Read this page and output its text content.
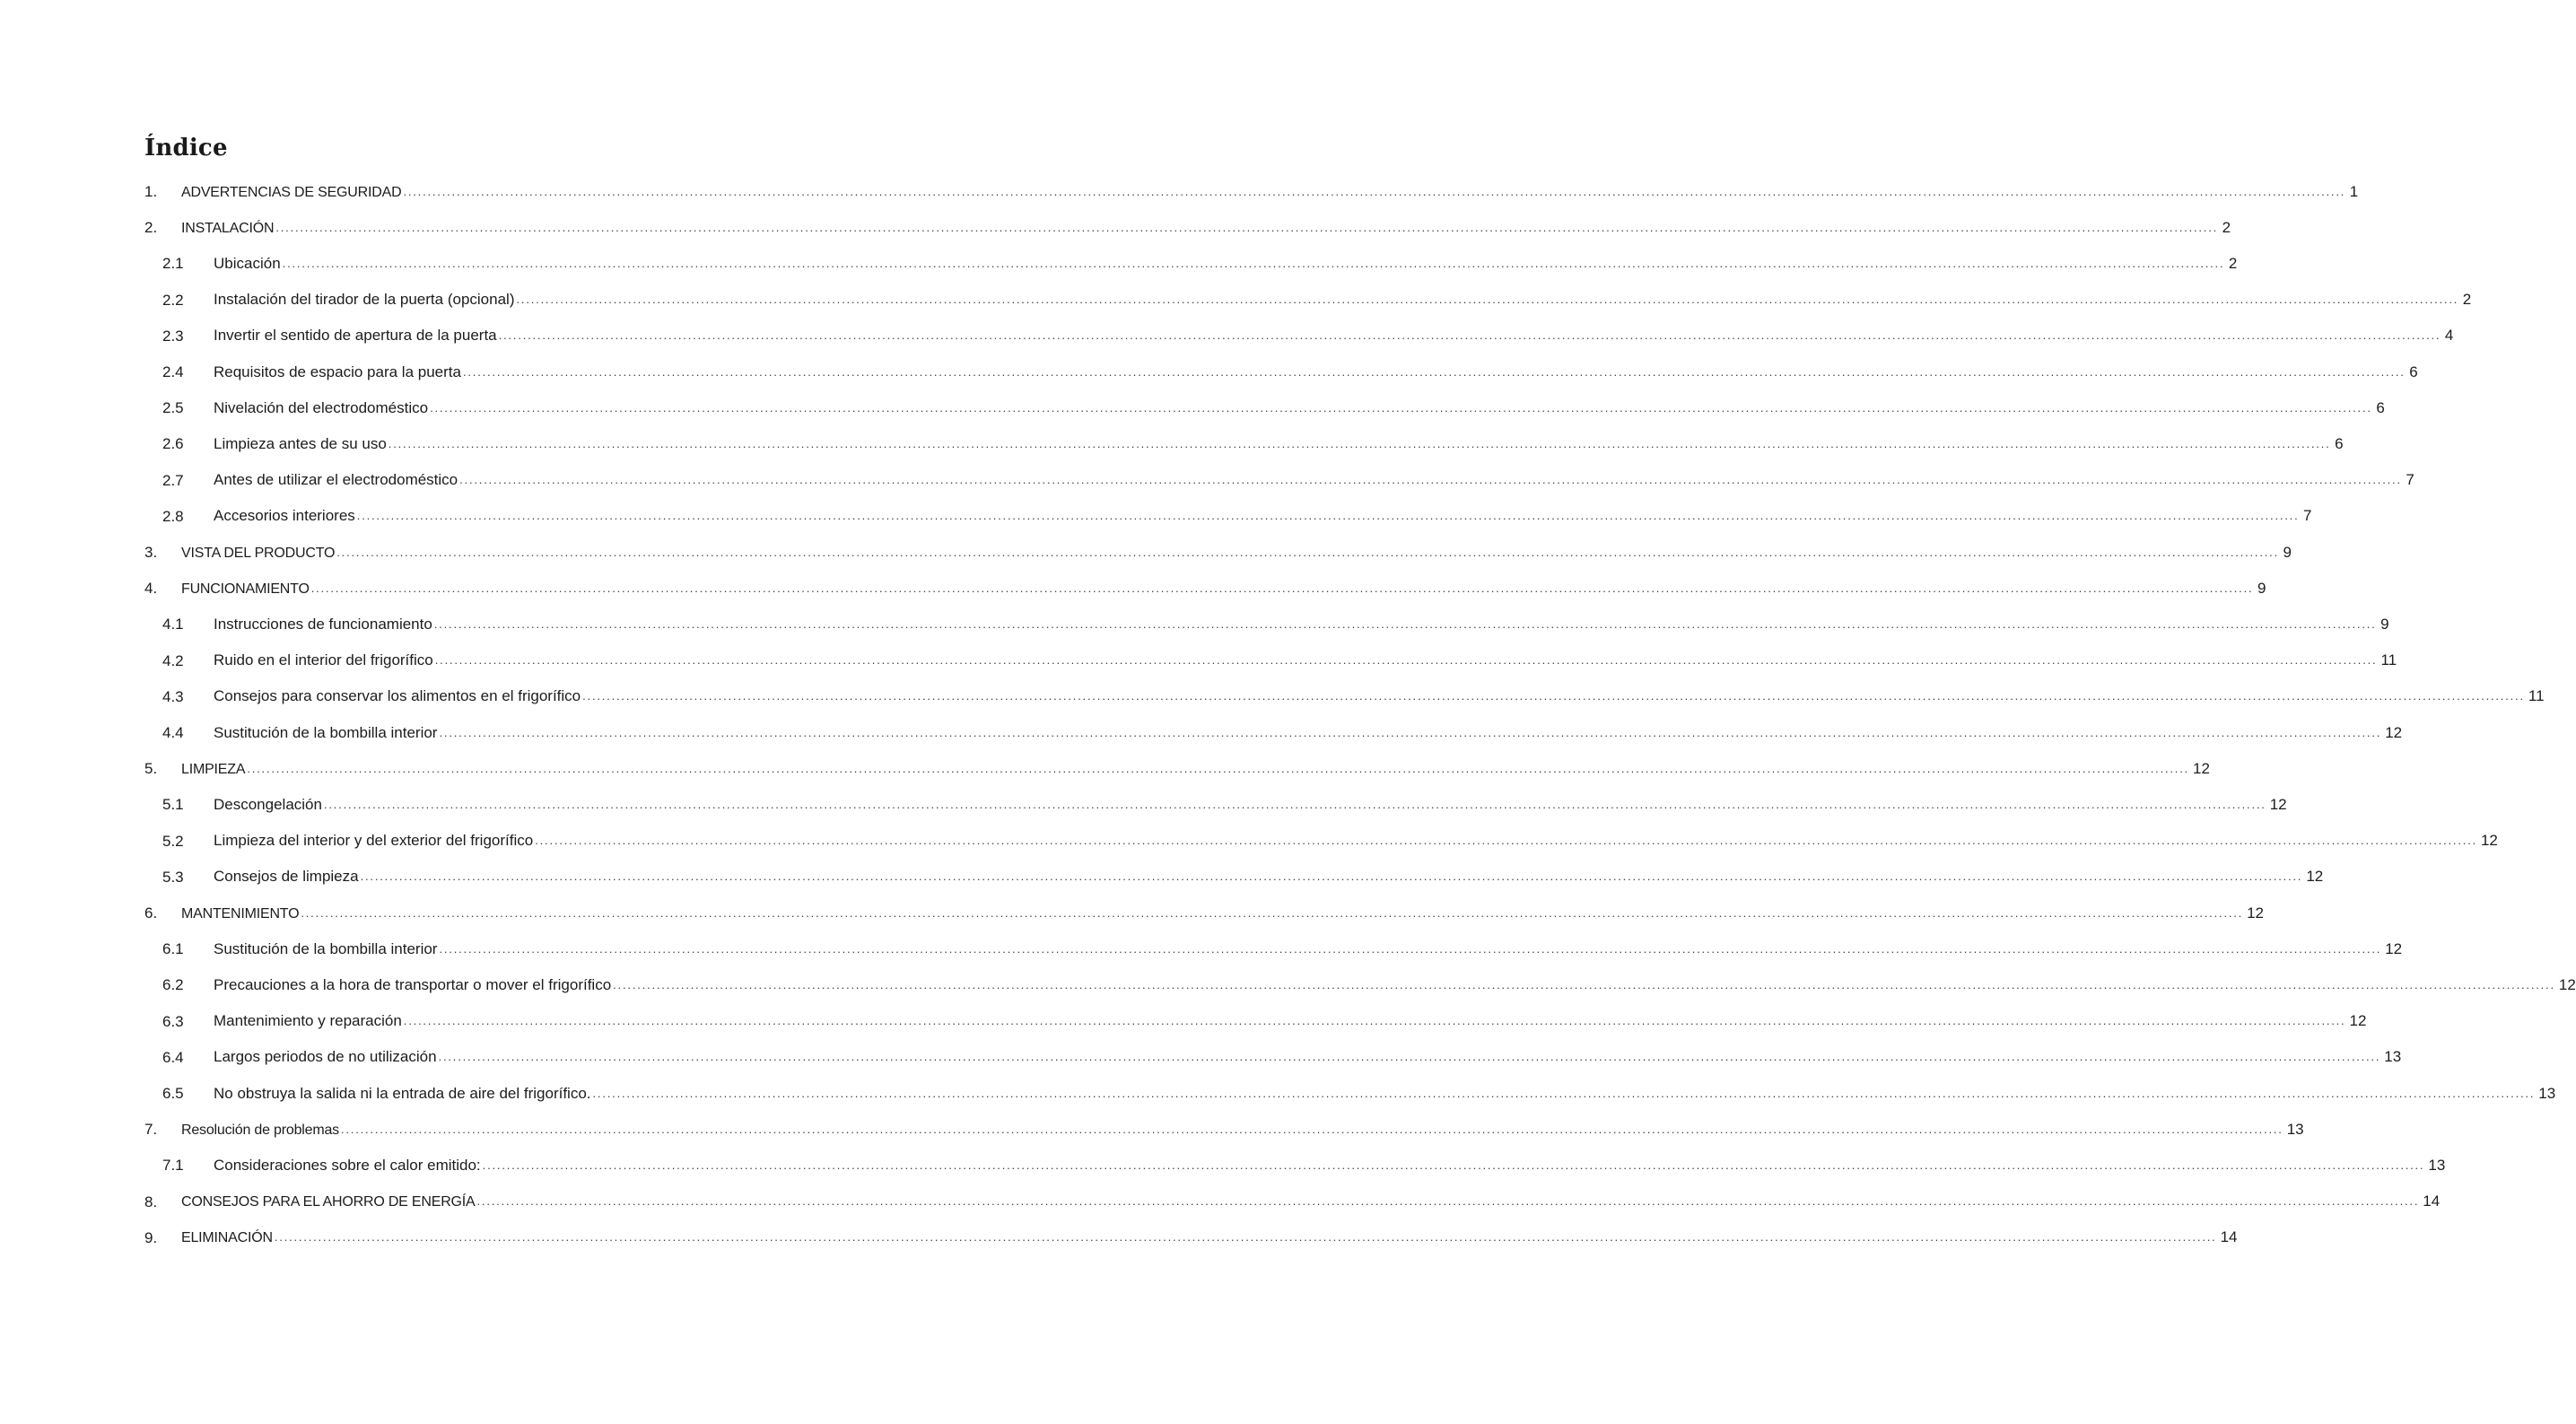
Índice
1. ADVERTENCIAS DE SEGURIDAD ................................................................................................................................................................................................................................................................................................................................................................................................................ 1
2. INSTALACIÓN ................................................................................................................................................................................................................................................................................................................................................................................................................ 2
2.1 Ubicación ................................................................................................................................................................................................................................................................................................................................................................................................................ 2
2.2 Instalación del tirador de la puerta (opcional) ................................................................................................................................................................................................................................................................................................................................................................................................................ 2
2.3 Invertir el sentido de apertura de la puerta ................................................................................................................................................................................................................................................................................................................................................................................................................ 4
2.4 Requisitos de espacio para la puerta ................................................................................................................................................................................................................................................................................................................................................................................................................ 6
2.5 Nivelación del electrodoméstico ................................................................................................................................................................................................................................................................................................................................................................................................................ 6
2.6 Limpieza antes de su uso ................................................................................................................................................................................................................................................................................................................................................................................................................ 6
2.7 Antes de utilizar el electrodoméstico ................................................................................................................................................................................................................................................................................................................................................................................................................ 7
2.8 Accesorios interiores ................................................................................................................................................................................................................................................................................................................................................................................................................ 7
3. VISTA DEL PRODUCTO ................................................................................................................................................................................................................................................................................................................................................................................................................ 9
4. FUNCIONAMIENTO ................................................................................................................................................................................................................................................................................................................................................................................................................ 9
4.1 Instrucciones de funcionamiento ................................................................................................................................................................................................................................................................................................................................................................................................................ 9
4.2 Ruido en el interior del frigorífico ................................................................................................................................................................................................................................................................................................................................................................................................................ 11
4.3 Consejos para conservar los alimentos en el frigorífico ................................................................................................................................................................................................................................................................................................................................................................................................................ 11
4.4 Sustitución de la bombilla interior ................................................................................................................................................................................................................................................................................................................................................................................................................ 12
5. LIMPIEZA ................................................................................................................................................................................................................................................................................................................................................................................................................ 12
5.1 Descongelación ................................................................................................................................................................................................................................................................................................................................................................................................................ 12
5.2 Limpieza del interior y del exterior del frigorífico ................................................................................................................................................................................................................................................................................................................................................................................................................ 12
5.3 Consejos de limpieza ................................................................................................................................................................................................................................................................................................................................................................................................................ 12
6. MANTENIMIENTO ................................................................................................................................................................................................................................................................................................................................................................................................................ 12
6.1 Sustitución de la bombilla interior ................................................................................................................................................................................................................................................................................................................................................................................................................ 12
6.2 Precauciones a la hora de transportar o mover el frigorífico ................................................................................................................................................................................................................................................................................................................................................................................................................ 12
6.3 Mantenimiento y reparación ................................................................................................................................................................................................................................................................................................................................................................................................................ 12
6.4 Largos periodos de no utilización ................................................................................................................................................................................................................................................................................................................................................................................................................ 13
6.5 No obstruya la salida ni la entrada de aire del frigorífico. ................................................................................................................................................................................................................................................................................................................................................................................................................ 13
7. Resolución de problemas ................................................................................................................................................................................................................................................................................................................................................................................................................ 13
7.1 Consideraciones sobre el calor emitido: ................................................................................................................................................................................................................................................................................................................................................................................................................ 13
8. CONSEJOS PARA EL AHORRO DE ENERGÍA ................................................................................................................................................................................................................................................................................................................................................................................................................ 14
9. ELIMINACIÓN ................................................................................................................................................................................................................................................................................................................................................................................................................ 14
